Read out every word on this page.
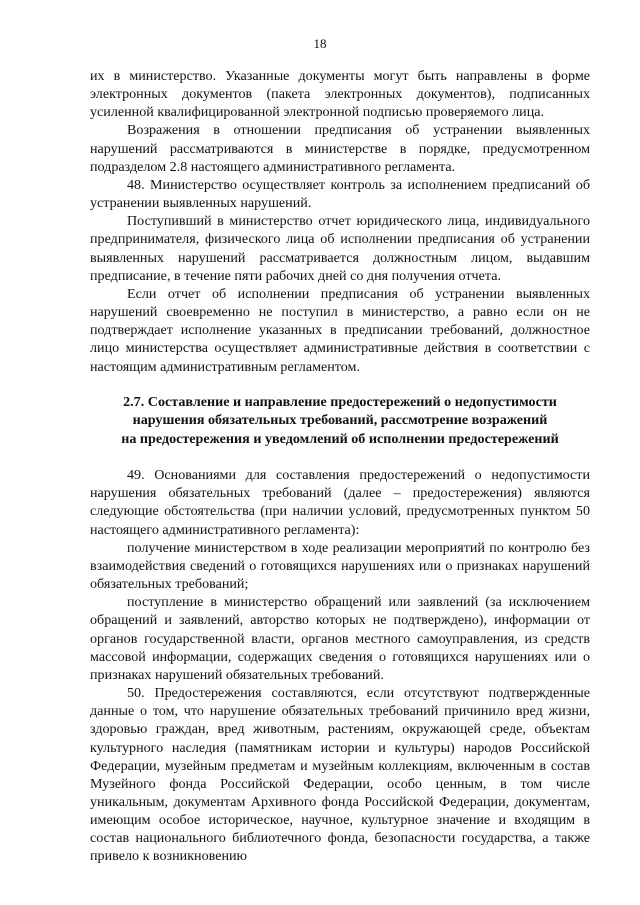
18

их в министерство. Указанные документы могут быть направлены в форме электронных документов (пакета электронных документов), подписанных усиленной квалифицированной электронной подписью проверяемого лица.

Возражения в отношении предписания об устранении выявленных нарушений рассматриваются в министерстве в порядке, предусмотренном подразделом 2.8 настоящего административного регламента.

48. Министерство осуществляет контроль за исполнением предписаний об устранении выявленных нарушений.

Поступивший в министерство отчет юридического лица, индивидуального предпринимателя, физического лица об исполнении предписания об устранении выявленных нарушений рассматривается должностным лицом, выдавшим предписание, в течение пяти рабочих дней со дня получения отчета.

Если отчет об исполнении предписания об устранении выявленных нарушений своевременно не поступил в министерство, а равно если он не подтверждает исполнение указанных в предписании требований, должностное лицо министерства осуществляет административные действия в соответствии с настоящим административным регламентом.

2.7. Составление и направление предостережений о недопустимости
нарушения обязательных требований, рассмотрение возражений
на предостережения и уведомлений об исполнении предостережений

49. Основаниями для составления предостережений о недопустимости нарушения обязательных требований (далее – предостережения) являются следующие обстоятельства (при наличии условий, предусмотренных пунктом 50 настоящего административного регламента):

получение министерством в ходе реализации мероприятий по контролю без взаимодействия сведений о готовящихся нарушениях или о признаках нарушений обязательных требований;

поступление в министерство обращений или заявлений (за исключением обращений и заявлений, авторство которых не подтверждено), информации от органов государственной власти, органов местного самоуправления, из средств массовой информации, содержащих сведения о готовящихся нарушениях или о признаках нарушений обязательных требований.

50. Предостережения составляются, если отсутствуют подтвержденные данные о том, что нарушение обязательных требований причинило вред жизни, здоровью граждан, вред животным, растениям, окружающей среде, объектам культурного наследия (памятникам истории и культуры) народов Российской Федерации, музейным предметам и музейным коллекциям, включенным в состав Музейного фонда Российской Федерации, особо ценным, в том числе уникальным, документам Архивного фонда Российской Федерации, документам, имеющим особое историческое, научное, культурное значение и входящим в состав национального библиотечного фонда, безопасности государства, а также привело к возникновению
